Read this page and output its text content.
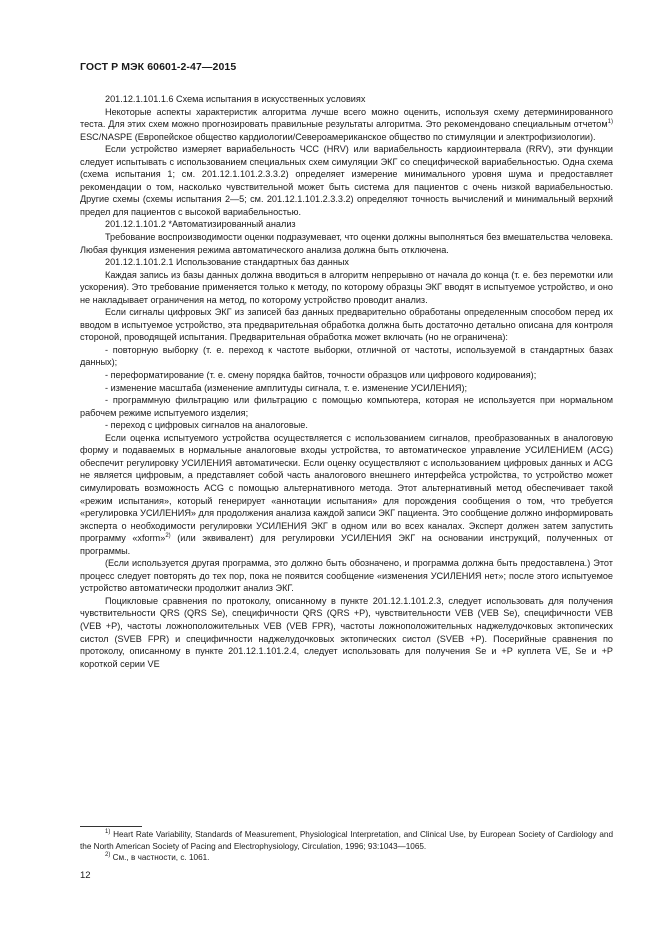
ГОСТ Р МЭК 60601-2-47—2015

201.12.1.101.1.6 Схема испытания в искусственных условиях

Некоторые аспекты характеристик алгоритма лучше всего можно оценить, используя схему детерминированного теста. Для этих схем можно прогнозировать правильные результаты алгоритма. Это рекомендовано специальным отчетом$^{1)}$ ESC/NASPE (Европейское общество кардиологии/Североамериканское общество по стимуляции и электрофизиологии).

Если устройство измеряет вариабельность ЧСС (HRV) или вариабельность кардиоинтервала (RRV), эти функции следует испытывать с использованием специальных схем симуляции ЭКГ со специфической вариабельностью. Одна схема (схема испытания 1; см. 201.12.1.101.2.3.3.2) определяет измерение минимального уровня шума и предоставляет рекомендации о том, насколько чувствительной может быть система для пациентов с очень низкой вариабельностью. Другие схемы (схемы испытания 2—5; см. 201.12.1.101.2.3.3.2) определяют точность вычислений и минимальный верхний предел для пациентов с высокой вариабельностью.

201.12.1.101.2 *Автоматизированный анализ

Требование воспроизводимости оценки подразумевает, что оценки должны выполняться без вмешательства человека. Любая функция изменения режима автоматического анализа должна быть отключена.

201.12.1.101.2.1 Использование стандартных баз данных

Каждая запись из базы данных должна вводиться в алгоритм непрерывно от начала до конца (т. е. без перемотки или ускорения). Это требование применяется только к методу, по которому образцы ЭКГ вводят в испытуемое устройство, и оно не накладывает ограничения на метод, по которому устройство проводит анализ.

Если сигналы цифровых ЭКГ из записей баз данных предварительно обработаны определенным способом перед их вводом в испытуемое устройство, эта предварительная обработка должна быть достаточно детально описана для контроля стороной, проводящей испытания. Предварительная обработка может включать (но не ограничена):

- повторную выборку (т. е. переход к частоте выборки, отличной от частоты, используемой в стандартных базах данных);

- переформатирование (т. е. смену порядка байтов, точности образцов или цифрового кодирования);

- изменение масштаба (изменение амплитуды сигнала, т. е. изменение УСИЛЕНИЯ);

- программную фильтрацию или фильтрацию с помощью компьютера, которая не используется при нормальном рабочем режиме испытуемого изделия;

- переход с цифровых сигналов на аналоговые.

Если оценка испытуемого устройства осуществляется с использованием сигналов, преобразованных в аналоговую форму и подаваемых в нормальные аналоговые входы устройства, то автоматическое управление УСИЛЕНИЕМ (ACG) обеспечит регулировку УСИЛЕНИЯ автоматически. Если оценку осуществляют с использованием цифровых данных и ACG не является цифровым, а представляет собой часть аналогового внешнего интерфейса устройства, то устройство может симулировать возможность ACG с помощью альтернативного метода. Этот альтернативный метод обеспечивает такой «режим испытания», который генерирует «аннотации испытания» для порождения сообщения о том, что требуется «регулировка УСИЛЕНИЯ» для продолжения анализа каждой записи ЭКГ пациента. Это сообщение должно информировать эксперта о необходимости регулировки УСИЛЕНИЯ ЭКГ в одном или во всех каналах. Эксперт должен затем запустить программу «xform»$^{2)}$ (или эквивалент) для регулировки УСИЛЕНИЯ ЭКГ на основании инструкций, полученных от программы.

(Если используется другая программа, это должно быть обозначено, и программа должна быть предоставлена.) Этот процесс следует повторять до тех пор, пока не появится сообщение «изменения УСИЛЕНИЯ нет»; после этого испытуемое устройство автоматически продолжит анализ ЭКГ.

Поцикловые сравнения по протоколу, описанному в пункте 201.12.1.101.2.3, следует использовать для получения чувствительности QRS (QRS Se), специфичности QRS (QRS +P), чувствительности VEB (VEB Se), специфичности VEB (VEB +P), частоты ложноположительных VEB (VEB FPR), частоты ложноположительных наджелудочковых эктопических систол (SVEB FPR) и специфичности наджелудочковых эктопических систол (SVEB +P). Посерийные сравнения по протоколу, описанному в пункте 201.12.1.101.2.4, следует использовать для получения Se и +P куплета VE, Se и +P короткой серии VE

$^{1)}$ Heart Rate Variability, Standards of Measurement, Physiological Interpretation, and Clinical Use, by European Society of Cardiology and the North American Society of Pacing and Electrophysiology, Circulation, 1996; 93:1043—1065.

$^{2)}$ См., в частности, с. 1061.

12
